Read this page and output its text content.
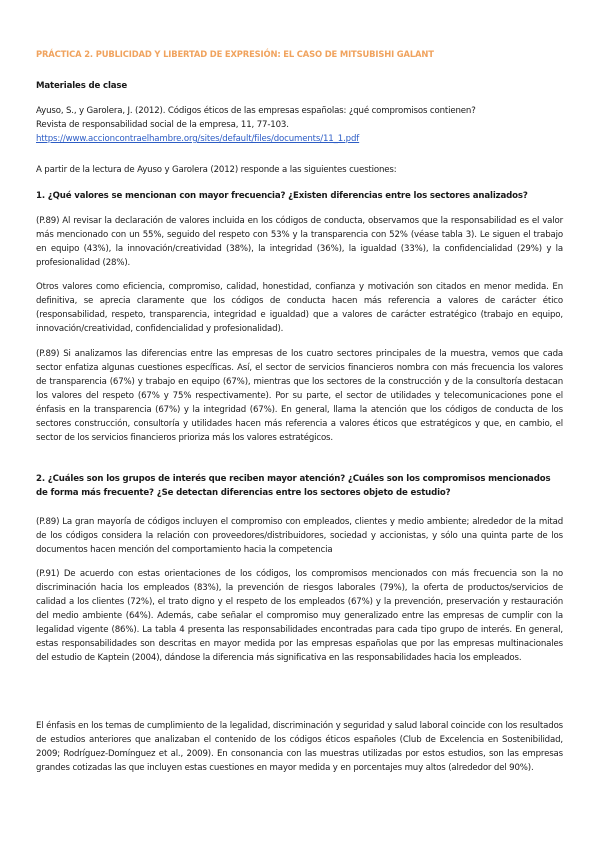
PRÁCTICA 2. PUBLICIDAD Y LIBERTAD DE EXPRESIÓN: EL CASO DE MITSUBISHI GALANT

Materiales de clase

Ayuso, S., y Garolera, J. (2012). Códigos éticos de las empresas españolas: ¿qué compromisos contienen?
Revista de responsabilidad social de la empresa, 11, 77-103.
https://www.accioncontraelhambre.org/sites/default/files/documents/11_1.pdf

A partir de la lectura de Ayuso y Garolera (2012) responde a las siguientes cuestiones:

1. ¿Qué valores se mencionan con mayor frecuencia? ¿Existen diferencias entre los sectores analizados?

(P.89) Al revisar la declaración de valores incluida en los códigos de conducta, observamos que la responsabilidad es el valor más mencionado con un 55%, seguido del respeto con 53% y la transparencia con 52% (véase tabla 3). Le siguen el trabajo en equipo (43%), la innovación/creatividad (38%), la integridad (36%), la igualdad (33%), la confidencialidad (29%) y la profesionalidad (28%).

Otros valores como eficiencia, compromiso, calidad, honestidad, confianza y motivación son citados en menor medida. En definitiva, se aprecia claramente que los códigos de conducta hacen más referencia a valores de carácter ético (responsabilidad, respeto, transparencia, integridad e igualdad) que a valores de carácter estratégico (trabajo en equipo, innovación/creatividad, confidencialidad y profesionalidad).

(P.89) Si analizamos las diferencias entre las empresas de los cuatro sectores principales de la muestra, vemos que cada sector enfatiza algunas cuestiones específicas. Así, el sector de servicios financieros nombra con más frecuencia los valores de transparencia (67%) y trabajo en equipo (67%), mientras que los sectores de la construcción y de la consultoría destacan los valores del respeto (67% y 75% respectivamente). Por su parte, el sector de utilidades y telecomunicaciones pone el énfasis en la transparencia (67%) y la integridad (67%). En general, llama la atención que los códigos de conducta de los sectores construcción, consultoría y utilidades hacen más referencia a valores éticos que estratégicos y que, en cambio, el sector de los servicios financieros prioriza más los valores estratégicos.

2. ¿Cuáles son los grupos de interés que reciben mayor atención? ¿Cuáles son los compromisos mencionados de forma más frecuente? ¿Se detectan diferencias entre los sectores objeto de estudio?

(P.89) La gran mayoría de códigos incluyen el compromiso con empleados, clientes y medio ambiente; alrededor de la mitad de los códigos considera la relación con proveedores/distribuidores, sociedad y accionistas, y sólo una quinta parte de los documentos hacen mención del comportamiento hacia la competencia

(P.91) De acuerdo con estas orientaciones de los códigos, los compromisos mencionados con más frecuencia son la no discriminación hacia los empleados (83%), la prevención de riesgos laborales (79%), la oferta de productos/servicios de calidad a los clientes (72%), el trato digno y el respeto de los empleados (67%) y la prevención, preservación y restauración del medio ambiente (64%). Además, cabe señalar el compromiso muy generalizado entre las empresas de cumplir con la legalidad vigente (86%). La tabla 4 presenta las responsabilidades encontradas para cada tipo grupo de interés. En general, estas responsabilidades son descritas en mayor medida por las empresas españolas que por las empresas multinacionales del estudio de Kaptein (2004), dándose la diferencia más significativa en las responsabilidades hacia los empleados.

El énfasis en los temas de cumplimiento de la legalidad, discriminación y seguridad y salud laboral coincide con los resultados de estudios anteriores que analizaban el contenido de los códigos éticos españoles (Club de Excelencia en Sostenibilidad, 2009; Rodríguez-Domínguez et al., 2009). En consonancia con las muestras utilizadas por estos estudios, son las empresas grandes cotizadas las que incluyen estas cuestiones en mayor medida y en porcentajes muy altos (alrededor del 90%).
